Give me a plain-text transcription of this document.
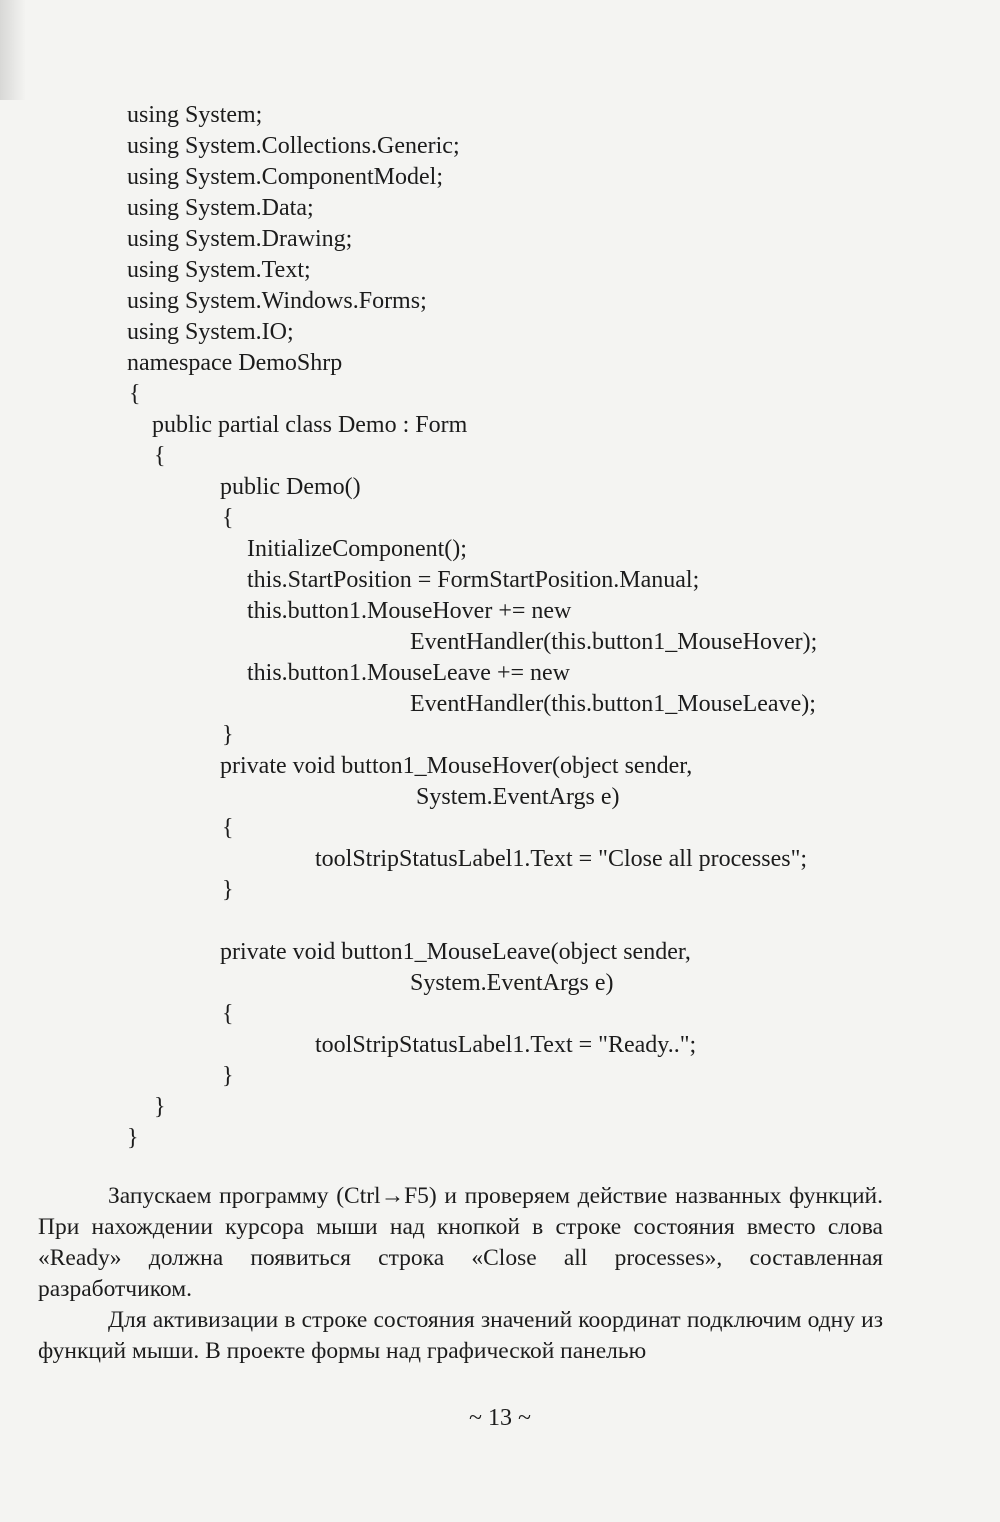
using System;
using System.Collections.Generic;
using System.ComponentModel;
using System.Data;
using System.Drawing;
using System.Text;
using System.Windows.Forms;
using System.IO;
namespace DemoShrp
{
public partial class Demo : Form
{
public Demo()
{
InitializeComponent();
this.StartPosition = FormStartPosition.Manual;
this.button1.MouseHover += new
EventHandler(this.button1_MouseHover);
this.button1.MouseLeave += new
EventHandler(this.button1_MouseLeave);
}
private void button1_MouseHover(object sender,
System.EventArgs e)
{
toolStripStatusLabel1.Text = "Close all processes";
}
private void button1_MouseLeave(object sender,
System.EventArgs e)
{
toolStripStatusLabel1.Text = "Ready..";
}
}
}

Запускаем программу (Ctrl→F5) и проверяем действие названных функций. При нахождении курсора мыши над кнопкой в строке состояния вместо слова «Ready» должна появиться строка «Close all processes», составленная разработчиком.

Для активизации в строке состояния значений координат подключим одну из функций мыши. В проекте формы над графической панелью

~ 13 ~
